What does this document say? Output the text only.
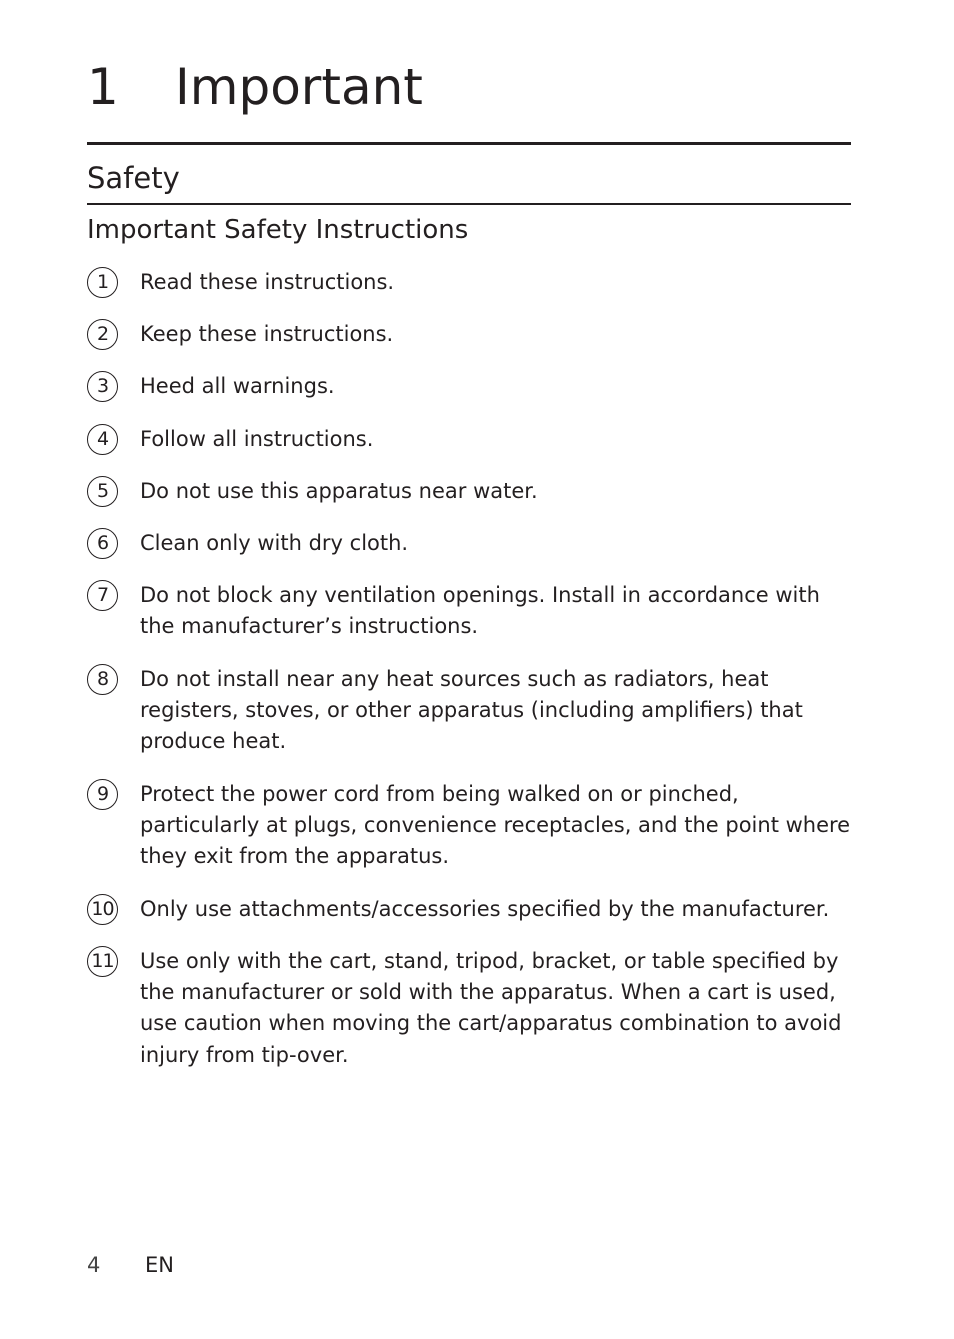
1 Important
Safety
Important Safety Instructions
1	Read these instructions.
2	Keep these instructions.
3	Heed all warnings.
4	Follow all instructions.
5	Do not use this apparatus near water.
6	Clean only with dry cloth.
7	Do not block any ventilation openings. Install in accordance with the manufacturer’s instructions.
8	Do not install near any heat sources such as radiators, heat registers, stoves, or other apparatus (including amplifiers) that produce heat.
9	Protect the power cord from being walked on or pinched, particularly at plugs, convenience receptacles, and the point where they exit from the apparatus.
10 Only use attachments/accessories specified by the manufacturer.
11 Use only with the cart, stand, tripod, bracket, or table specified by the manufacturer or sold with the apparatus. When a cart is used, use caution when moving the cart/apparatus combination to avoid injury from tip-over.
4 EN
